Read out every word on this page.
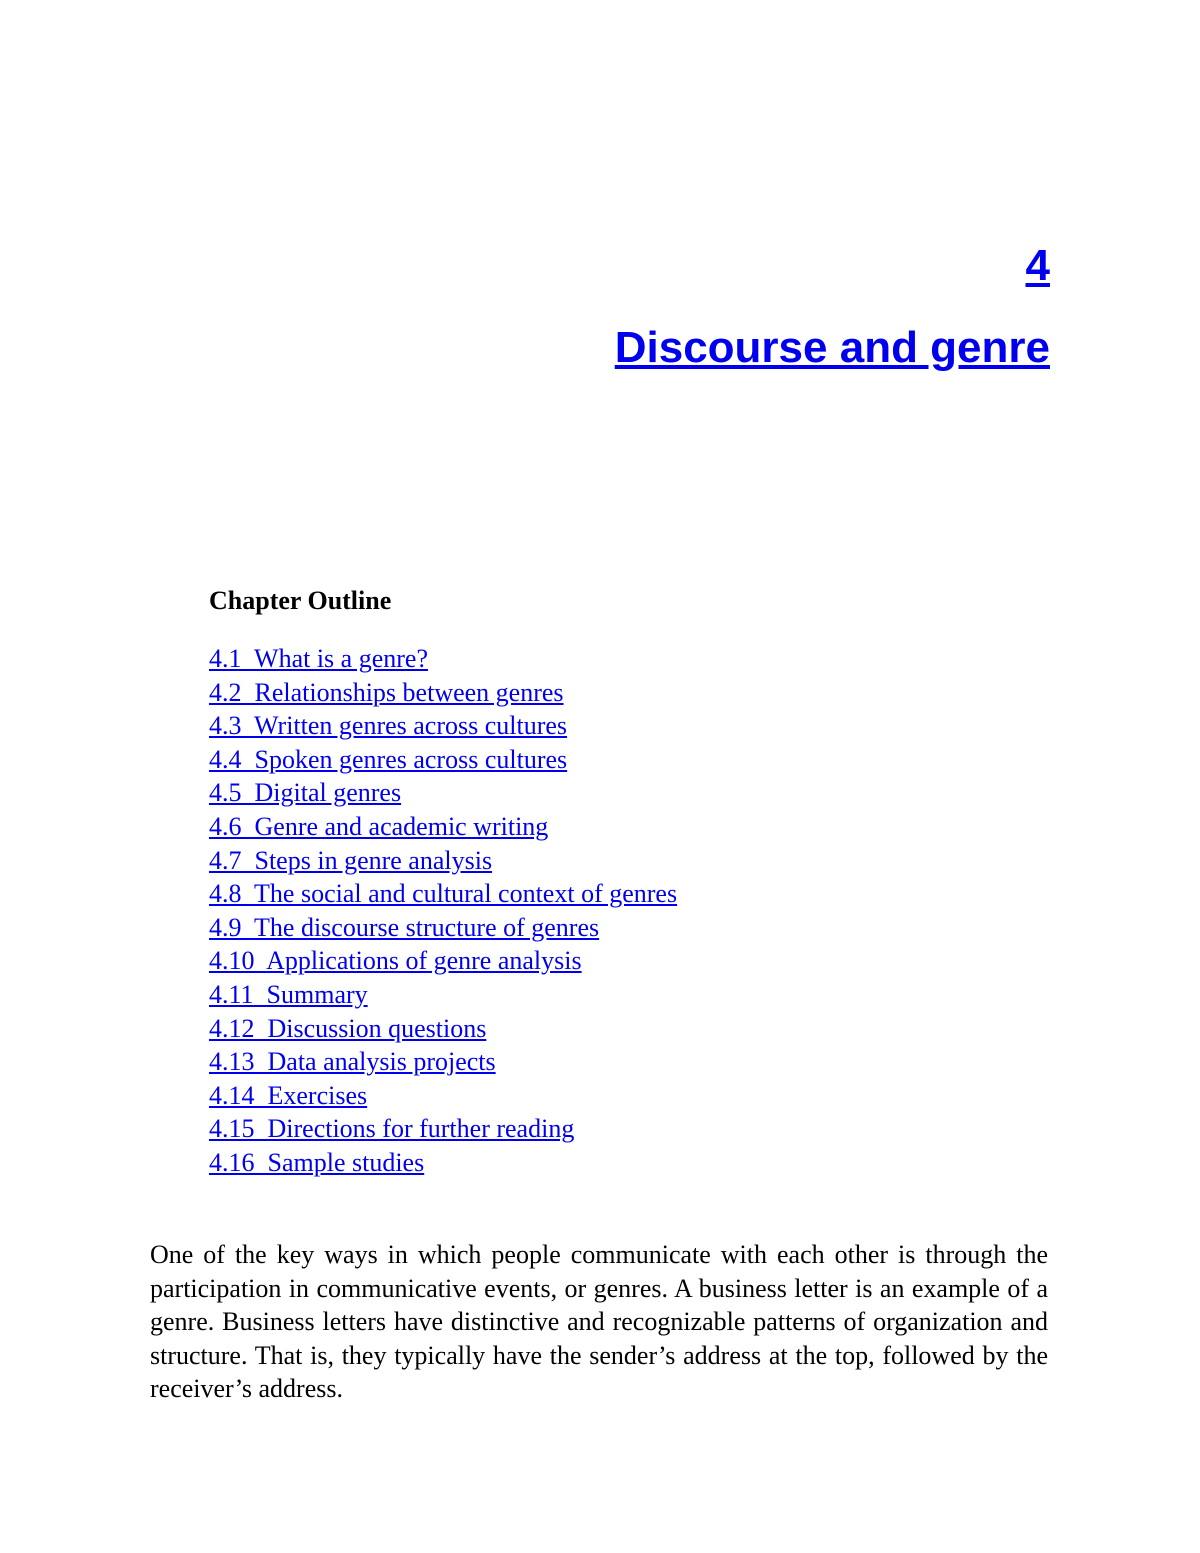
4
Discourse and genre

Chapter Outline

4.1 What is a genre?
4.2 Relationships between genres
4.3 Written genres across cultures
4.4 Spoken genres across cultures
4.5 Digital genres
4.6 Genre and academic writing
4.7 Steps in genre analysis
4.8 The social and cultural context of genres
4.9 The discourse structure of genres
4.10 Applications of genre analysis
4.11 Summary
4.12 Discussion questions
4.13 Data analysis projects
4.14 Exercises
4.15 Directions for further reading
4.16 Sample studies

One of the key ways in which people communicate with each other is through the participation in communicative events, or genres. A business letter is an example of a genre. Business letters have distinctive and recognizable patterns of organization and structure. That is, they typically have the sender’s address at the top, followed by the receiver’s address.
